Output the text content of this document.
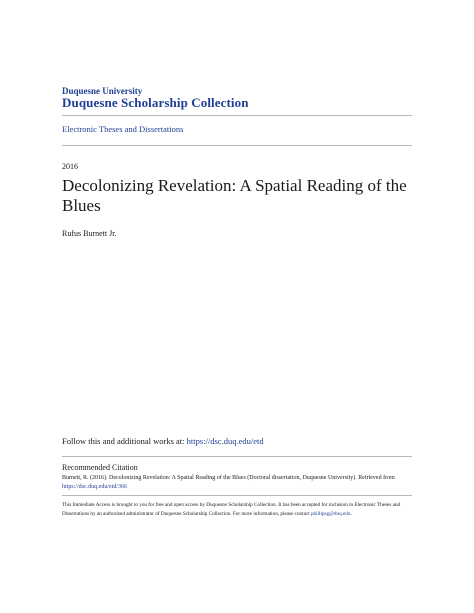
Duquesne University
Duquesne Scholarship Collection
Electronic Theses and Dissertations
2016
Decolonizing Revelation: A Spatial Reading of the Blues
Rufus Burnett Jr.
Follow this and additional works at: https://dsc.duq.edu/etd
Recommended Citation
Burnett, R. (2016). Decolonizing Revelation: A Spatial Reading of the Blues (Doctoral dissertation, Duquesne University). Retrieved from https://dsc.duq.edu/etd/366
This Immediate Access is brought to you for free and open access by Duquesne Scholarship Collection. It has been accepted for inclusion in Electronic Theses and Dissertations by an authorized administrator of Duquesne Scholarship Collection. For more information, please contact phillipsg@duq.edu.
